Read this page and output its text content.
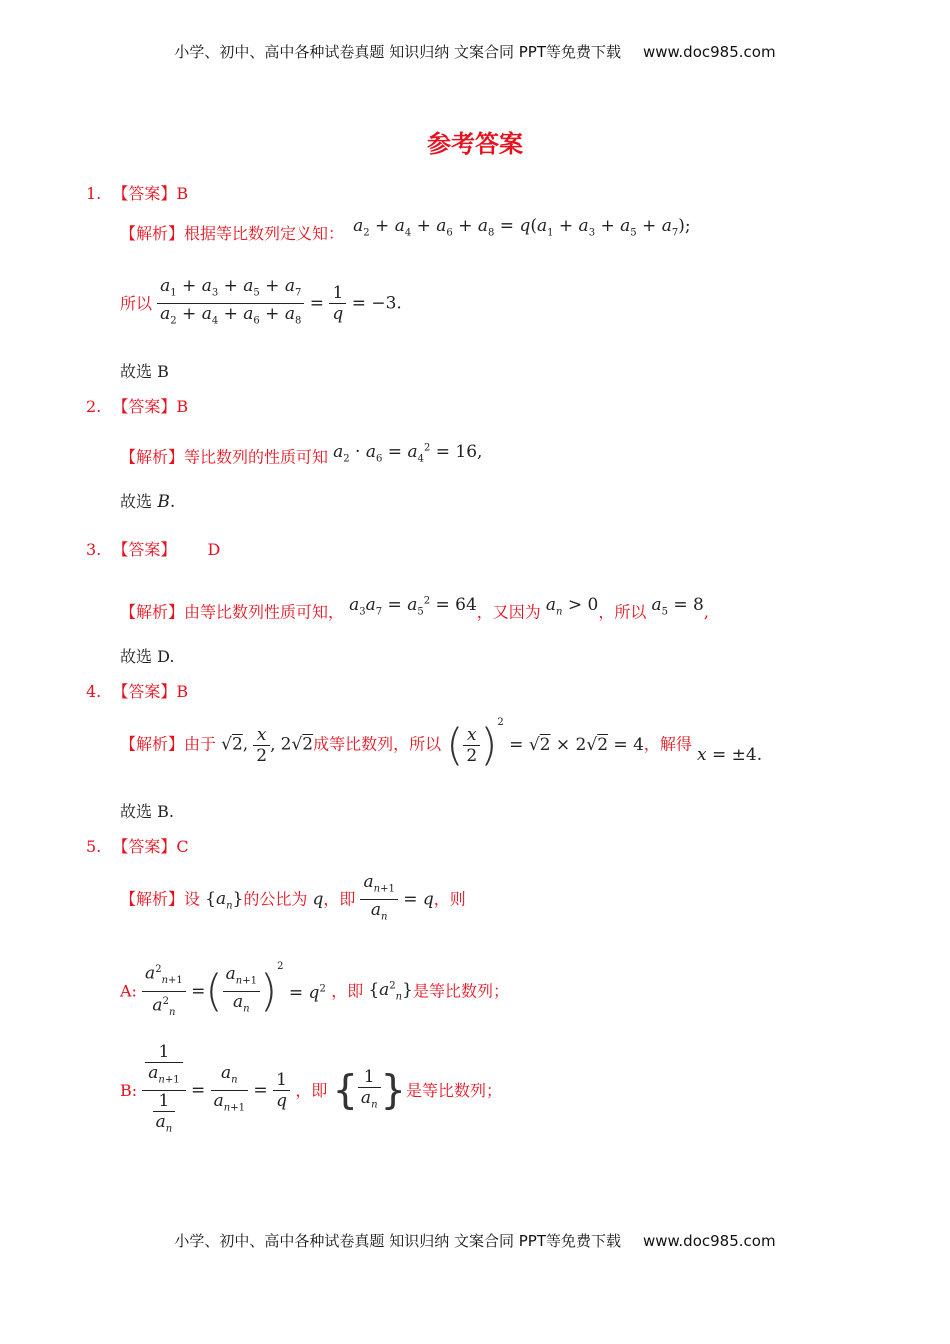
小学、初中、高中各种试卷真题 知识归纳 文案合同 PPT等免费下载 www.doc985.com
参考答案
1. 【答案】B
【解析】根据等比数列定义知： $a_2 + a_4 + a_6 + a_8 = q(a_1 + a_3 + a_5 + a_7)$;
所以 $\frac{a_1 + a_3 + a_5 + a_7}{a_2 + a_4 + a_6 + a_8} = \frac{1}{q} = -3$.
故选 B
2. 【答案】B
【解析】等比数列的性质可知 $a_2 \cdot a_6 = a_4^2 = 16$,
故选 B.
3. 【答案】 D
【解析】由等比数列性质可知， $a_3a_7 = a_5^2 = 64$，又因为 $a_n > 0$，所以 $a_5 = 8$,
故选 D.
4. 【答案】B
【解析】由于 √2, $\frac{x}{2}$ , 2√2成等比数列，所以 ( $\frac{x}{2} )^2 = √2 \times 2√2 = 4$，解得 x = ±4.
故选 B.
5. 【答案】C
【解析】设 $\{a_n\}$的公比为 q，即 $\frac{a_{n+1}}{a_n} = q$，则
A: $\frac{a^2_{n+1}}{a^2_n}$ =( $\frac{a_{n+1}}{a_n} )^2 = q^2$ ，即 $\{a^2_n\}$是等比数列；
B: $\frac{\frac{1}{a_{n+1}}}{\frac{1}{a_n}} = \frac{a_n}{a_{n+1}} = \frac{1}{q}$ ，即 { $\frac{1}{a_n}$ }是等比数列；
小学、初中、高中各种试卷真题 知识归纳 文案合同 PPT等免费下载 www.doc985.com
